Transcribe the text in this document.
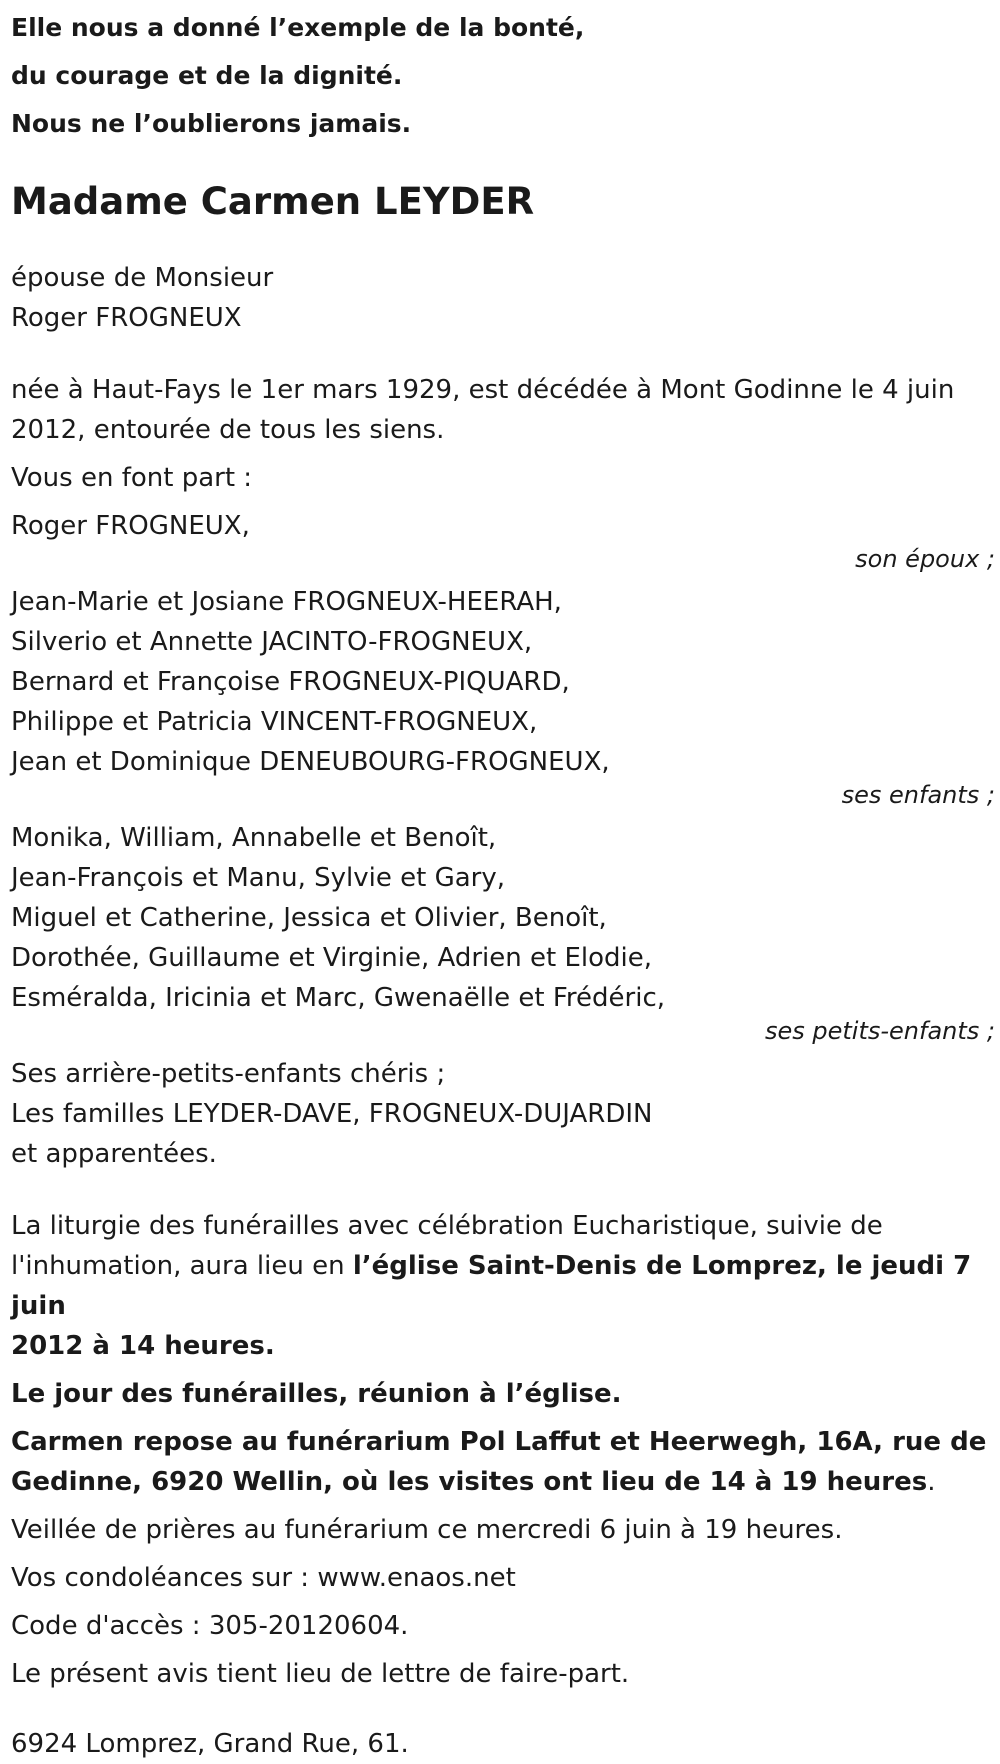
Elle nous a donné l’exemple de la bonté,

du courage et de la dignité.

Nous ne l’oublierons jamais.

Madame Carmen LEYDER

épouse de Monsieur

Roger FROGNEUX

née à Haut-Fays le 1er mars 1929, est décédée à Mont Godinne le 4 juin

2012, entourée de tous les siens.

Vous en font part :

Roger FROGNEUX,

son époux ;

Jean-Marie et Josiane FROGNEUX-HEERAH,

Silverio et Annette JACINTO-FROGNEUX,

Bernard et Françoise FROGNEUX-PIQUARD,

Philippe et Patricia VINCENT-FROGNEUX,

Jean et Dominique DENEUBOURG-FROGNEUX,

ses enfants ;

Monika, William, Annabelle et Benoît,

Jean-François et Manu, Sylvie et Gary,

Miguel et Catherine, Jessica et Olivier, Benoît,

Dorothée, Guillaume et Virginie, Adrien et Elodie,

Esméralda, Iricinia et Marc, Gwenaëlle et Frédéric,

ses petits-enfants ;

Ses arrière-petits-enfants chéris ;

Les familles LEYDER-DAVE, FROGNEUX-DUJARDIN

et apparentées.

La liturgie des funérailles avec célébration Eucharistique, suivie de

l'inhumation, aura lieu en l’église Saint-Denis de Lomprez, le jeudi 7 juin

2012 à 14 heures.

Le jour des funérailles, réunion à l’église.

Carmen repose au funérarium Pol Laffut et Heerwegh, 16A, rue de

Gedinne, 6920 Wellin, où les visites ont lieu de 14 à 19 heures.

Veillée de prières au funérarium ce mercredi 6 juin à 19 heures.

Vos condoléances sur : www.enaos.net

Code d'accès : 305-20120604.

Le présent avis tient lieu de lettre de faire-part.

6924 Lomprez, Grand Rue, 61.
